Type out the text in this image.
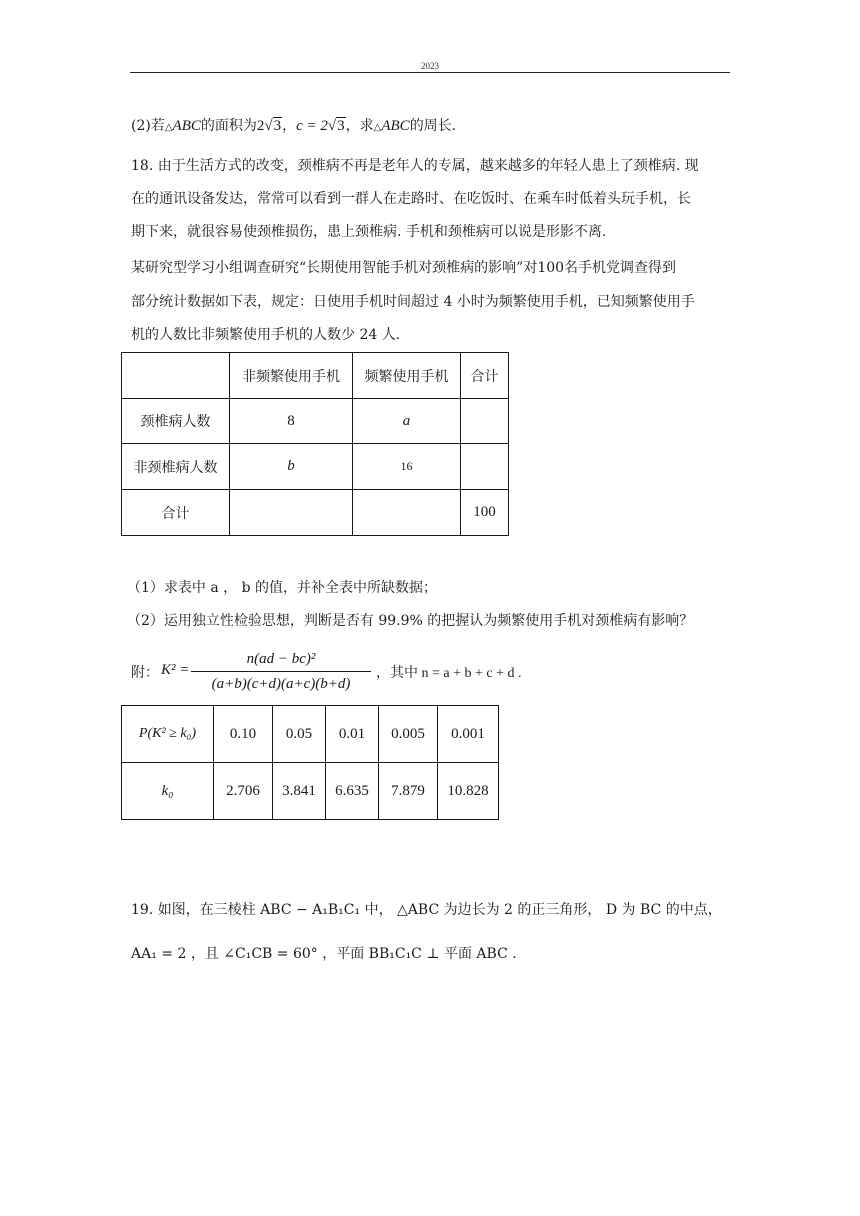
2023
(2)若△ABC的面积为2√3，c = 2√3，求△ABC的周长.
18. 由于生活方式的改变，颈椎病不再是老年人的专属，越来越多的年轻人患上了颈椎病. 现
在的通讯设备发达，常常可以看到一群人在走路时、在吃饭时、在乘车时低着头玩手机，长
期下来，就很容易使颈椎损伤，患上颈椎病. 手机和颈椎病可以说是形影不离.
某研究型学习小组调查研究“长期使用智能手机对颈椎病的影响”对100名手机党调查得到
部分统计数据如下表，规定：日使用手机时间超过 4 小时为频繁使用手机，已知频繁使用手
机的人数比非频繁使用手机的人数少 24 人.
	非频繁使用手机	频繁使用手机	合计
颈椎病人数	8	a	
非颈椎病人数	b	16	
合计			100
（1）求表中 a ， b 的值，并补全表中所缺数据；
（2）运用独立性检验思想，判断是否有 99.9% 的把握认为频繁使用手机对颈椎病有影响？
附： K² =
n(ad − bc)²
(a+b)(c+d)(a+c)(b+d)
，其中 n = a + b + c + d .
P(K² ≥ k₀)	0.10	0.05	0.01	0.005	0.001
k₀	2.706	3.841	6.635	7.879	10.828
19. 如图，在三棱柱 ABC − A₁B₁C₁ 中， △ABC 为边长为 2 的正三角形， D 为 BC 的中点，
AA₁ = 2 ，且 ∠C₁CB = 60° ，平面 BB₁C₁C ⊥ 平面 ABC .
